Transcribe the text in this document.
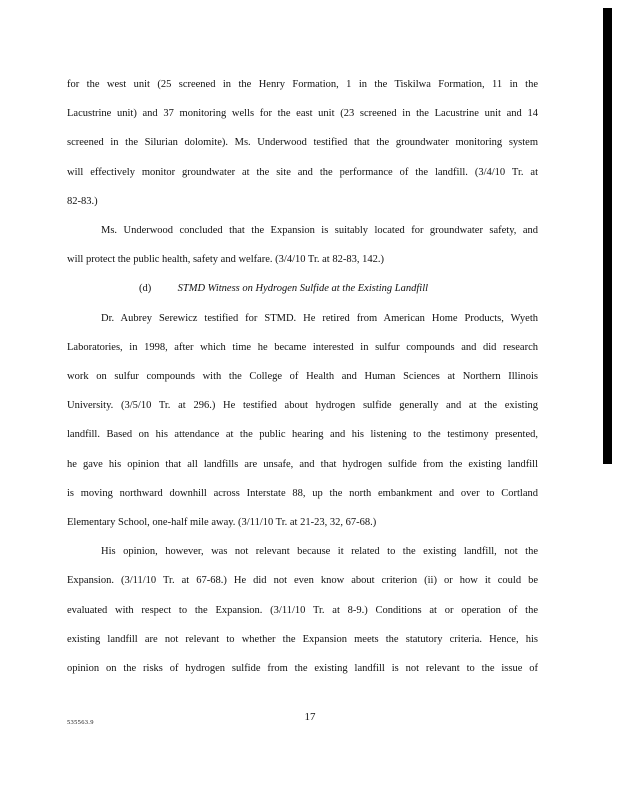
for the west unit (25 screened in the Henry Formation, 1 in the Tiskilwa Formation, 11 in the
Lacustrine unit) and 37 monitoring wells for the east unit (23 screened in the Lacustrine unit and 14
screened in the Silurian dolomite). Ms. Underwood testified that the groundwater monitoring system
will effectively monitor groundwater at the site and the performance of the landfill. (3/4/10 Tr. at
82-83.)
Ms. Underwood concluded that the Expansion is suitably located for groundwater safety, and
will protect the public health, safety and welfare. (3/4/10 Tr. at 82-83, 142.)
(d)	STMD Witness on Hydrogen Sulfide at the Existing Landfill
Dr. Aubrey Serewicz testified for STMD. He retired from American Home Products, Wyeth
Laboratories, in 1998, after which time he became interested in sulfur compounds and did research
work on sulfur compounds with the College of Health and Human Sciences at Northern Illinois
University. (3/5/10 Tr. at 296.) He testified about hydrogen sulfide generally and at the existing
landfill. Based on his attendance at the public hearing and his listening to the testimony presented,
he gave his opinion that all landfills are unsafe, and that hydrogen sulfide from the existing landfill
is moving northward downhill across Interstate 88, up the north embankment and over to Cortland
Elementary School, one-half mile away. (3/11/10 Tr. at 21-23, 32, 67-68.)
His opinion, however, was not relevant because it related to the existing landfill, not the
Expansion. (3/11/10 Tr. at 67-68.) He did not even know about criterion (ii) or how it could be
evaluated with respect to the Expansion. (3/11/10 Tr. at 8-9.) Conditions at or operation of the
existing landfill are not relevant to whether the Expansion meets the statutory criteria. Hence, his
opinion on the risks of hydrogen sulfide from the existing landfill is not relevant to the issue of
535563.9	17
